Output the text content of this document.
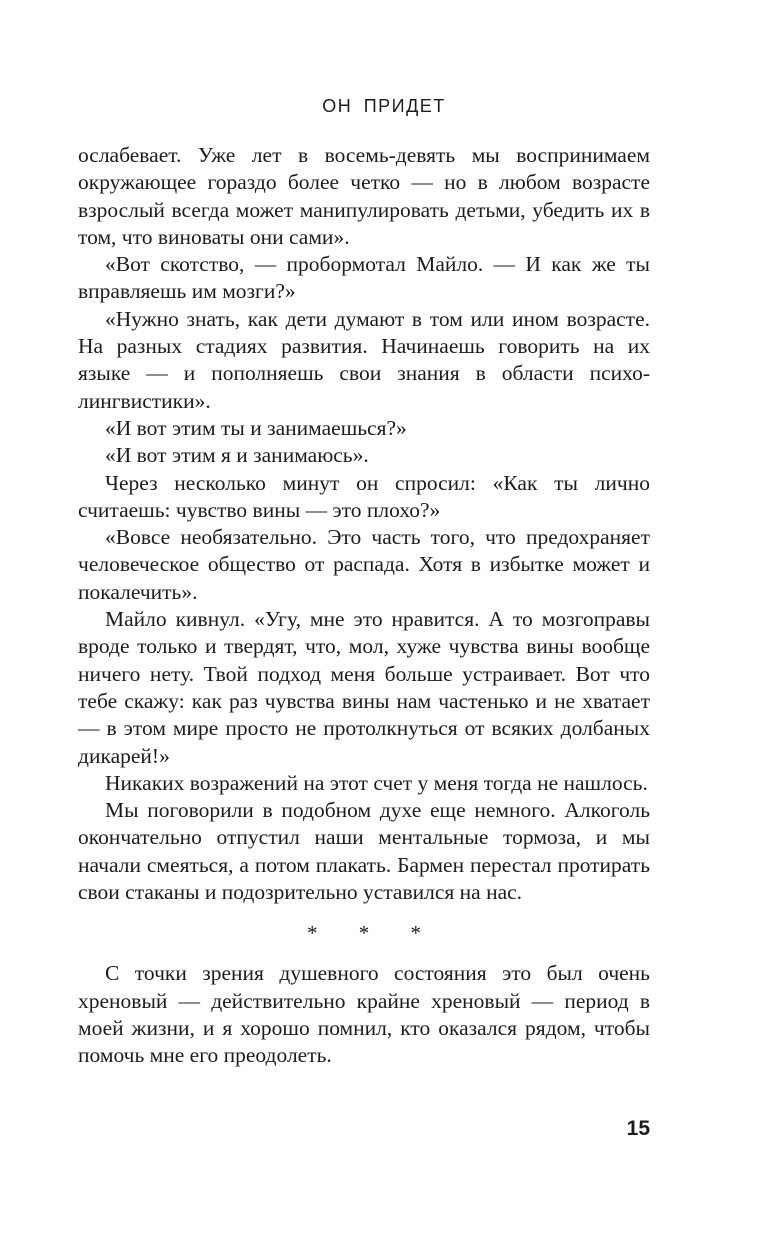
ОН ПРИДЕТ

ослабевает. Уже лет в восемь-девять мы воспринимаем окружающее гораздо более четко — но в любом возрасте взрослый всегда может манипулировать детьми, убедить их в том, что виноваты они сами».

«Вот скотство, — пробормотал Майло. — И как же ты вправляешь им мозги?»

«Нужно знать, как дети думают в том или ином возрасте. На разных стадиях развития. Начинаешь говорить на их языке — и пополняешь свои знания в области психолингвистики».

«И вот этим ты и занимаешься?»

«И вот этим я и занимаюсь».

Через несколько минут он спросил: «Как ты лично считаешь: чувство вины — это плохо?»

«Вовсе необязательно. Это часть того, что предохраняет человеческое общество от распада. Хотя в избытке может и покалечить».

Майло кивнул. «Угу, мне это нравится. А то мозгоправы вроде только и твердят, что, мол, хуже чувства вины вообще ничего нету. Твой подход меня больше устраивает. Вот что тебе скажу: как раз чувства вины нам частенько и не хватает — в этом мире просто не протолкнуться от всяких долбаных дикарей!»

Никаких возражений на этот счет у меня тогда не нашлось.

Мы поговорили в подобном духе еще немного. Алкоголь окончательно отпустил наши ментальные тормоза, и мы начали смеяться, а потом плакать. Бармен перестал протирать свои стаканы и подозрительно уставился на нас.

* * *

С точки зрения душевного состояния это был очень хреновый — действительно крайне хреновый — период в моей жизни, и я хорошо помнил, кто оказался рядом, чтобы помочь мне его преодолеть.

15
